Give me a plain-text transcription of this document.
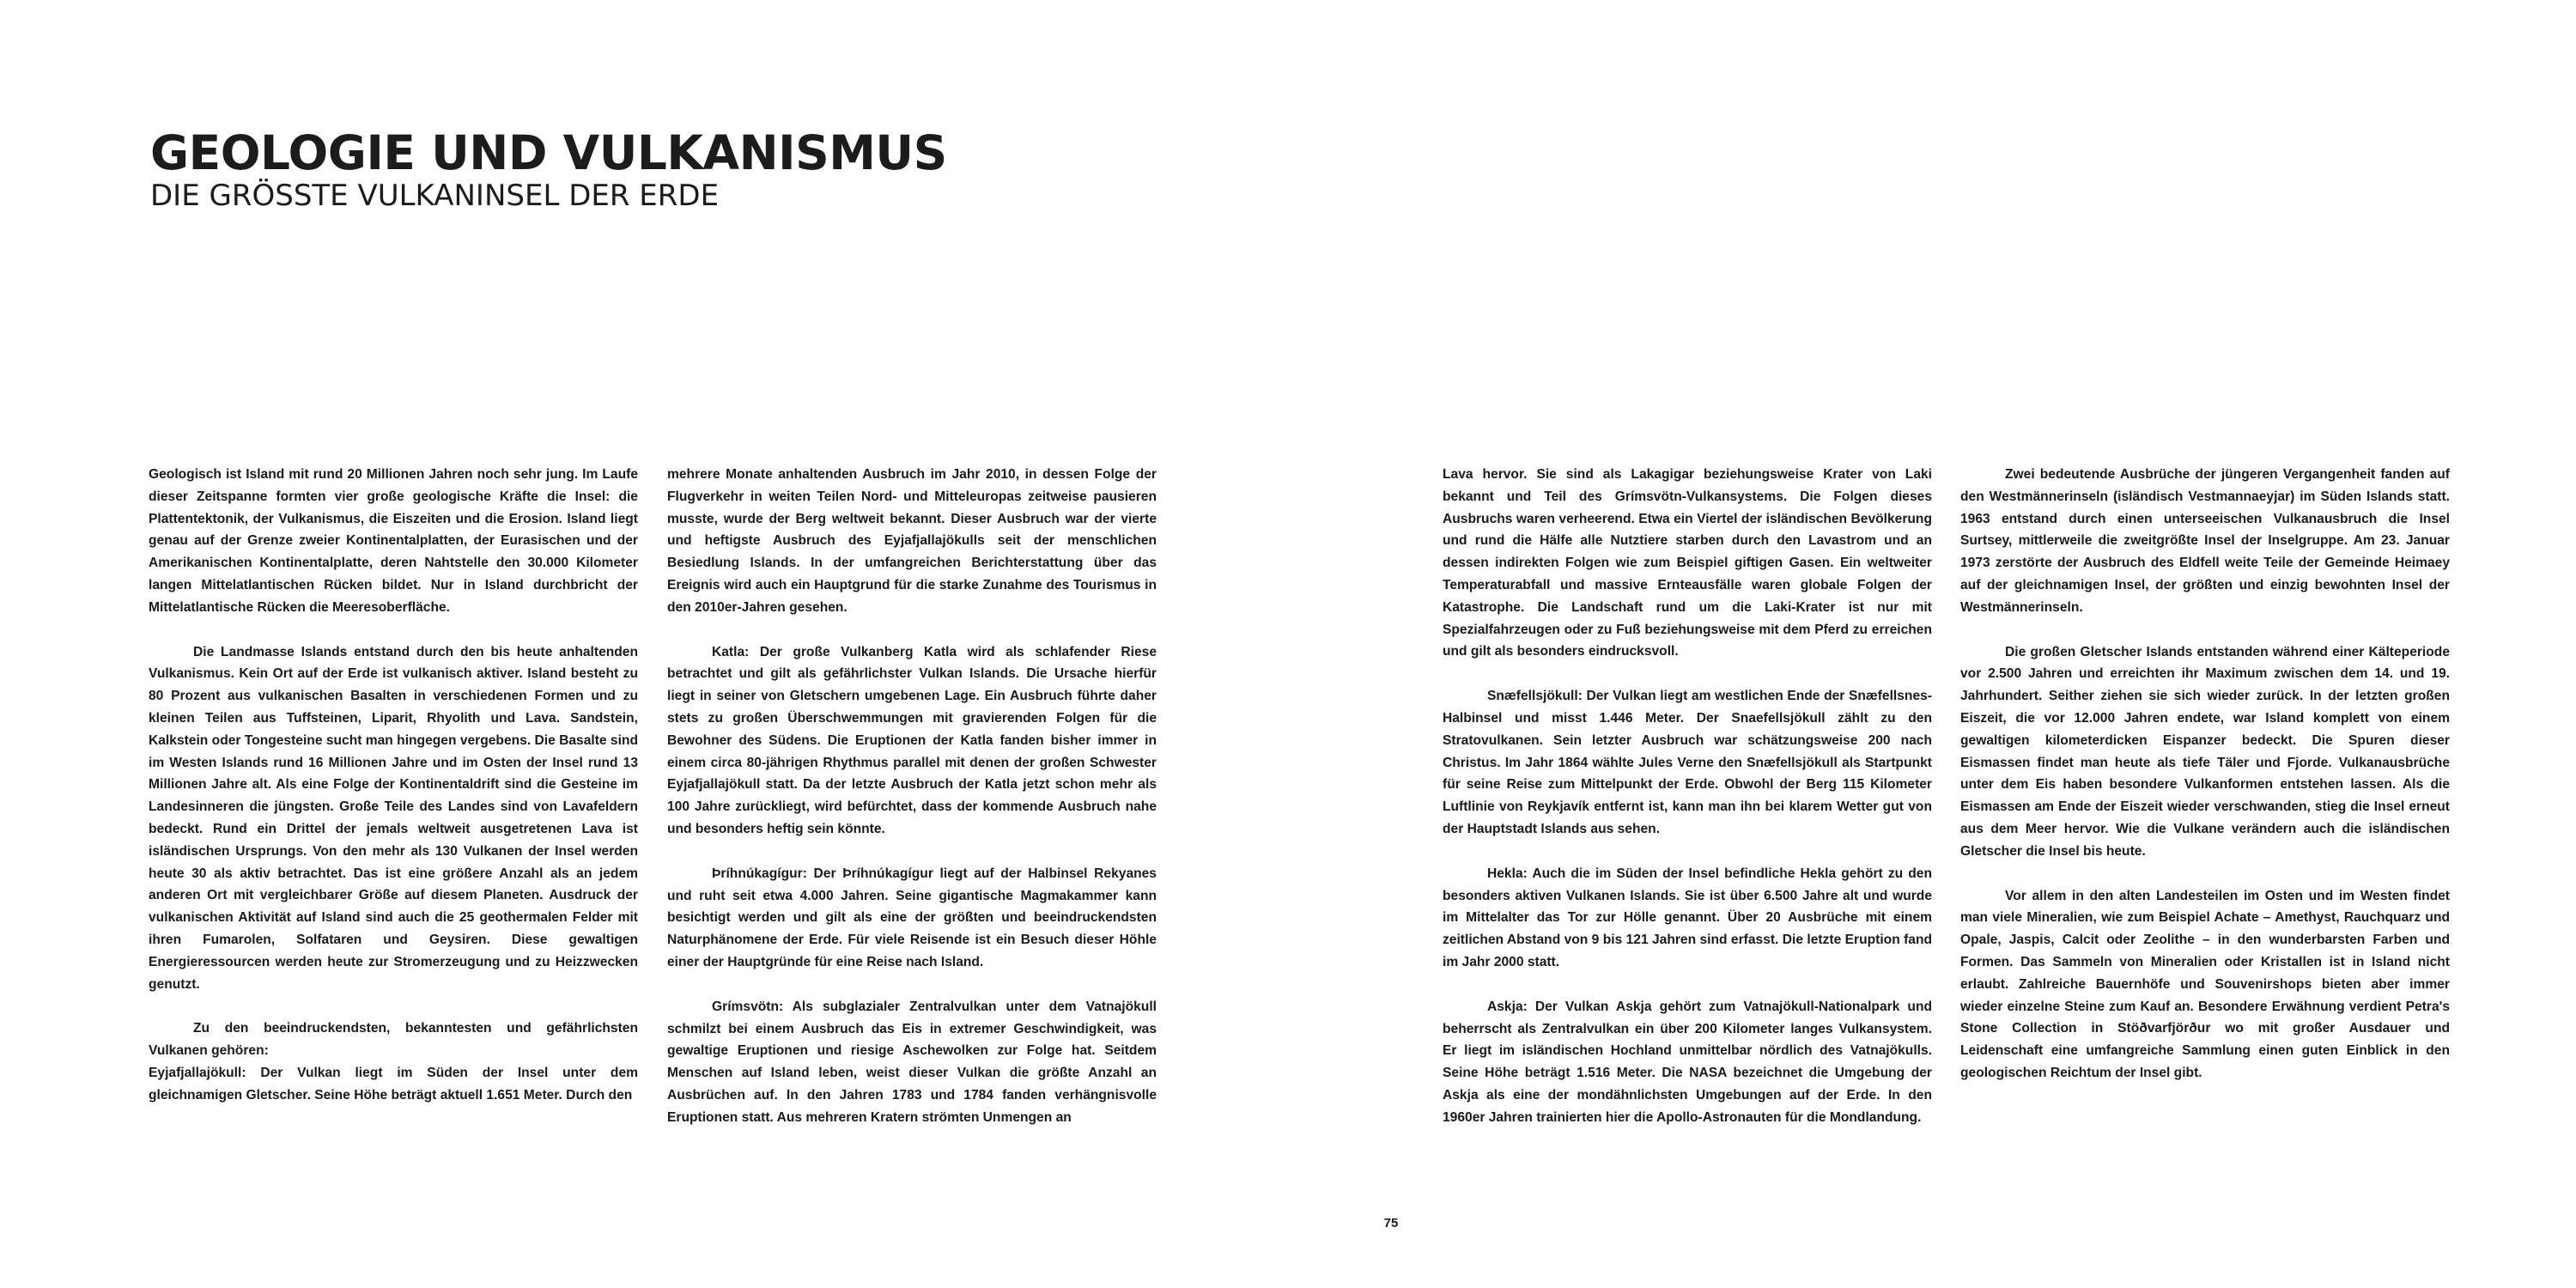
GEOLOGIE UND VULKANISMUS
DIE GRÖSSTE VULKANINSEL DER ERDE

Geologisch ist Island mit rund 20 Millionen Jahren noch sehr jung. Im Laufe dieser Zeitspanne formten vier große geologische Kräfte die Insel: die Plattentektonik, der Vulkanismus, die Eiszeiten und die Erosion. Island liegt genau auf der Grenze zweier Kontinentalplatten, der Eurasischen und der Amerikanischen Kontinentalplatte, deren Nahtstelle den 30.000 Kilometer langen Mittelatlantischen Rücken bildet. Nur in Island durchbricht der Mittelatlantische Rücken die Meeresoberfläche.

Die Landmasse Islands entstand durch den bis heute anhaltenden Vulkanismus. Kein Ort auf der Erde ist vulkanisch aktiver. Island besteht zu 80 Prozent aus vulkanischen Basalten in verschiedenen Formen und zu kleinen Teilen aus Tuffsteinen, Liparit, Rhyolith und Lava. Sandstein, Kalkstein oder Tongesteine sucht man hingegen vergebens. Die Basalte sind im Westen Islands rund 16 Millionen Jahre und im Osten der Insel rund 13 Millionen Jahre alt. Als eine Folge der Kontinentaldrift sind die Gesteine im Landesinneren die jüngsten. Große Teile des Landes sind von Lavafeldern bedeckt. Rund ein Drittel der jemals weltweit ausgetretenen Lava ist isländischen Ursprungs. Von den mehr als 130 Vulkanen der Insel werden heute 30 als aktiv betrachtet. Das ist eine größere Anzahl als an jedem anderen Ort mit vergleichbarer Größe auf diesem Planeten. Ausdruck der vulkanischen Aktivität auf Island sind auch die 25 geothermalen Felder mit ihren Fumarolen, Solfataren und Geysiren. Diese gewaltigen Energieressourcen werden heute zur Stromerzeugung und zu Heizzwecken genutzt.

Zu den beeindruckendsten, bekanntesten und gefährlichsten Vulkanen gehören:

Eyjafjallajökull: Der Vulkan liegt im Süden der Insel unter dem gleichnamigen Gletscher. Seine Höhe beträgt aktuell 1.651 Meter. Durch den

mehrere Monate anhaltenden Ausbruch im Jahr 2010, in dessen Folge der Flugverkehr in weiten Teilen Nord- und Mitteleuropas zeitweise pausieren musste, wurde der Berg weltweit bekannt. Dieser Ausbruch war der vierte und heftigste Ausbruch des Eyjafjallajökulls seit der menschlichen Besiedlung Islands. In der umfangreichen Berichterstattung über das Ereignis wird auch ein Hauptgrund für die starke Zunahme des Tourismus in den 2010er-Jahren gesehen.

Katla: Der große Vulkanberg Katla wird als schlafender Riese betrachtet und gilt als gefährlichster Vulkan Islands. Die Ursache hierfür liegt in seiner von Gletschern umgebenen Lage. Ein Ausbruch führte daher stets zu großen Überschwemmungen mit gravierenden Folgen für die Bewohner des Südens. Die Eruptionen der Katla fanden bisher immer in einem circa 80-jährigen Rhythmus parallel mit denen der großen Schwester Eyjafjallajökull statt. Da der letzte Ausbruch der Katla jetzt schon mehr als 100 Jahre zurückliegt, wird befürchtet, dass der kommende Ausbruch nahe und besonders heftig sein könnte.

Þríhnúkagígur: Der Þríhnúkagígur liegt auf der Halbinsel Rekyanes und ruht seit etwa 4.000 Jahren. Seine gigantische Magmakammer kann besichtigt werden und gilt als eine der größten und beeindruckendsten Naturphänomene der Erde. Für viele Reisende ist ein Besuch dieser Höhle einer der Hauptgründe für eine Reise nach Island.

Grímsvötn: Als subglazialer Zentralvulkan unter dem Vatnajökull schmilzt bei einem Ausbruch das Eis in extremer Geschwindigkeit, was gewaltige Eruptionen und riesige Aschewolken zur Folge hat. Seitdem Menschen auf Island leben, weist dieser Vulkan die größte Anzahl an Ausbrüchen auf. In den Jahren 1783 und 1784 fanden verhängnisvolle Eruptionen statt. Aus mehreren Kratern strömten Unmengen an

Lava hervor. Sie sind als Lakagigar beziehungsweise Krater von Laki bekannt und Teil des Grímsvötn-Vulkansystems. Die Folgen dieses Ausbruchs waren verheerend. Etwa ein Viertel der isländischen Bevölkerung und rund die Hälfe alle Nutztiere starben durch den Lavastrom und an dessen indirekten Folgen wie zum Beispiel giftigen Gasen. Ein weltweiter Temperaturabfall und massive Ernteausfälle waren globale Folgen der Katastrophe. Die Landschaft rund um die Laki-Krater ist nur mit Spezialfahrzeugen oder zu Fuß beziehungsweise mit dem Pferd zu erreichen und gilt als besonders eindrucksvoll.

Snæfellsjökull: Der Vulkan liegt am westlichen Ende der Snæfellsnes-Halbinsel und misst 1.446 Meter. Der Snaefellsjökull zählt zu den Stratovulkanen. Sein letzter Ausbruch war schätzungsweise 200 nach Christus. Im Jahr 1864 wählte Jules Verne den Snæfellsjökull als Startpunkt für seine Reise zum Mittelpunkt der Erde. Obwohl der Berg 115 Kilometer Luftlinie von Reykjavík entfernt ist, kann man ihn bei klarem Wetter gut von der Hauptstadt Islands aus sehen.

Hekla: Auch die im Süden der Insel befindliche Hekla gehört zu den besonders aktiven Vulkanen Islands. Sie ist über 6.500 Jahre alt und wurde im Mittelalter das Tor zur Hölle genannt. Über 20 Ausbrüche mit einem zeitlichen Abstand von 9 bis 121 Jahren sind erfasst. Die letzte Eruption fand im Jahr 2000 statt.

Askja: Der Vulkan Askja gehört zum Vatnajökull-Nationalpark und beherrscht als Zentralvulkan ein über 200 Kilometer langes Vulkansystem. Er liegt im isländischen Hochland unmittelbar nördlich des Vatnajökulls. Seine Höhe beträgt 1.516 Meter. Die NASA bezeichnet die Umgebung der Askja als eine der mondähnlichsten Umgebungen auf der Erde. In den 1960er Jahren trainierten hier die Apollo-Astronauten für die Mondlandung.

Zwei bedeutende Ausbrüche der jüngeren Vergangenheit fanden auf den Westmännerinseln (isländisch Vestmannaeyjar) im Süden Islands statt. 1963 entstand durch einen unterseeischen Vulkanausbruch die Insel Surtsey, mittlerweile die zweitgrößte Insel der Inselgruppe. Am 23. Januar 1973 zerstörte der Ausbruch des Eldfell weite Teile der Gemeinde Heimaey auf der gleichnamigen Insel, der größten und einzig bewohnten Insel der Westmännerinseln.

Die großen Gletscher Islands entstanden während einer Kälteperiode vor 2.500 Jahren und erreichten ihr Maximum zwischen dem 14. und 19. Jahrhundert. Seither ziehen sie sich wieder zurück. In der letzten großen Eiszeit, die vor 12.000 Jahren endete, war Island komplett von einem gewaltigen kilometerdicken Eispanzer bedeckt. Die Spuren dieser Eismassen findet man heute als tiefe Täler und Fjorde. Vulkanausbrüche unter dem Eis haben besondere Vulkanformen entstehen lassen. Als die Eismassen am Ende der Eiszeit wieder verschwanden, stieg die Insel erneut aus dem Meer hervor. Wie die Vulkane verändern auch die isländischen Gletscher die Insel bis heute.

Vor allem in den alten Landesteilen im Osten und im Westen findet man viele Mineralien, wie zum Beispiel Achate – Amethyst, Rauchquarz und Opale, Jaspis, Calcit oder Zeolithe – in den wunderbarsten Farben und Formen. Das Sammeln von Mineralien oder Kristallen ist in Island nicht erlaubt. Zahlreiche Bauernhöfe und Souvenirshops bieten aber immer wieder einzelne Steine zum Kauf an. Besondere Erwähnung verdient Petra's Stone Collection in Stöðvarfjörður wo mit großer Ausdauer und Leidenschaft eine umfangreiche Sammlung einen guten Einblick in den geologischen Reichtum der Insel gibt.

75
